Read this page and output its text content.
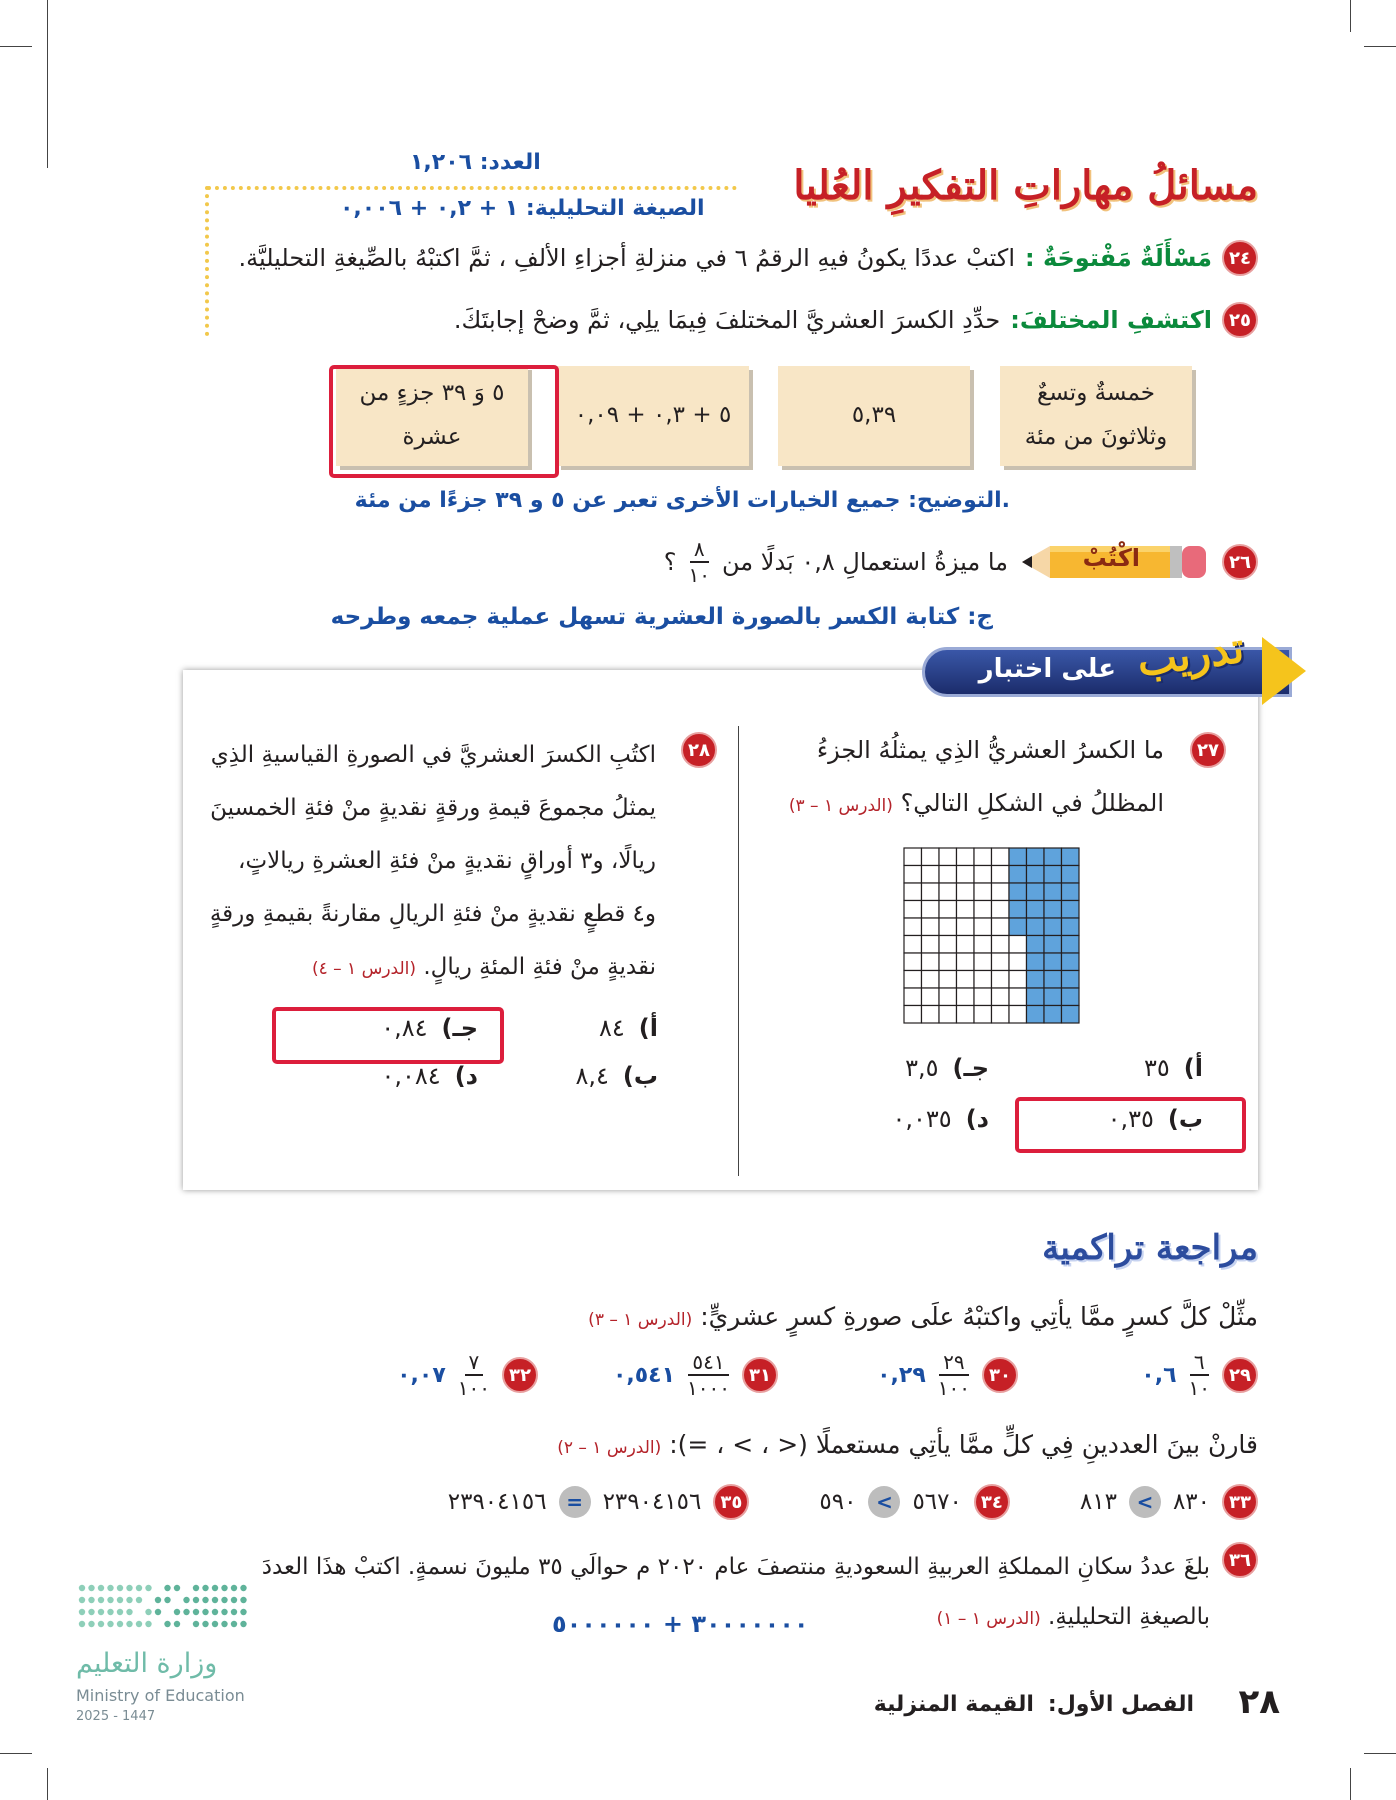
مسائلُ مهاراتِ التفكيرِ العُليا
العدد: ١,٢٠٦
الصيغة التحليلية: ١ + ٠,٢ + ٠,٠٠٦
٢٤
مَسْأَلَةٌ مَفْتوحَةٌ :
اكتبْ عددًا يكونُ فيهِ الرقمُ ٦ في منزلةِ أجزاءِ الألفِ ، ثمَّ اكتبْهُ بالصِّيغةِ التحليليَّة.
٢٥
اكتشفِ المختلفَ:
حدِّدِ الكسرَ العشريَّ المختلفَ فِيمَا يلِي، ثمَّ وضحْ إجابتَكَ.
خمسةٌ وتسعٌ
وثلاثونَ من مئة
٥,٣٩
٥ + ٠,٣ + ٠,٠٩
٥ وَ ٣٩ جزءٍ من
عشرة
.التوضيح: جميع الخيارات الأخرى تعبر عن ٥ و ٣٩ جزءًا من مئة
٢٦
اكْتُبْ
ما ميزةُ استعمالِ ٠,٨ بَدلًا من
٨
١٠
؟
ج: كتابة الكسر بالصورة العشرية تسهل عملية جمعه وطرحه
على اختبار تدريب
٢٧
ما الكسرُ العشريُّ الذِي يمثلُهُ الجزءُ
المظللُ في الشكلِ التالي؟ (الدرس ١ – ٣)
أ)
٣٥
جـ)
٣,٥
ب)
٠,٣٥
د)
٠,٠٣٥
٢٨
اكتُبِ الكسرَ العشريَّ في الصورةِ القياسيةِ الذِي
يمثلُ مجموعَ قيمةِ ورقةٍ نقديةٍ منْ فئةِ الخمسينَ
ريالًا، و٣ أوراقٍ نقديةٍ منْ فئةِ العشرةِ ريالاتٍ،
و٤ قطعٍ نقديةٍ منْ فئةِ الريالِ مقارنةً بقيمةِ ورقةٍ
نقديةٍ منْ فئةِ المئةِ ريالٍ. (الدرس ١ – ٤)
أ)
٨٤
جـ)
٠,٨٤
ب)
٨,٤
د)
٠,٠٨٤
مراجعة تراكمية
مثِّلْ كلَّ كسرٍ ممَّا يأتِي واكتبْهُ علَى صورةِ كسرٍ عشريٍّ: (الدرس ١ – ٣)
٢٩
٦
١٠
٠,٦
٣٠
٢٩
١٠٠
٠,٢٩
٣١
٥٤١
١٠٠٠
٠,٥٤١
٣٢
٧
١٠٠
٠,٠٧
قارنْ بينَ العددينِ فِي كلٍّ ممَّا يأتِي مستعملًا (< ، > ، =): (الدرس ١ – ٢)
٣٣
٨٣٠
>
٨١٣
٣٤
٥٦٧٠
>
٥٩٠
٣٥
٢٣٩٠٤١٥٦
=
٢٣٩٠٤١٥٦
٣٦
بلغَ عددُ سكانِ المملكةِ العربيةِ السعوديةِ منتصفَ عام ٢٠٢٠ م حوالَي ٣٥ مليونَ نسمةٍ. اكتبْ هذَا العددَ
بالصيغةِ التحليليةِ. (الدرس ١ – ١)
٣٠٠٠٠٠٠٠ + ٥٠٠٠٠٠٠
وزارة التعليم
Ministry of Education
2025 - 1447	٢٨
الفصل الأول:
القيمة المنزلية
